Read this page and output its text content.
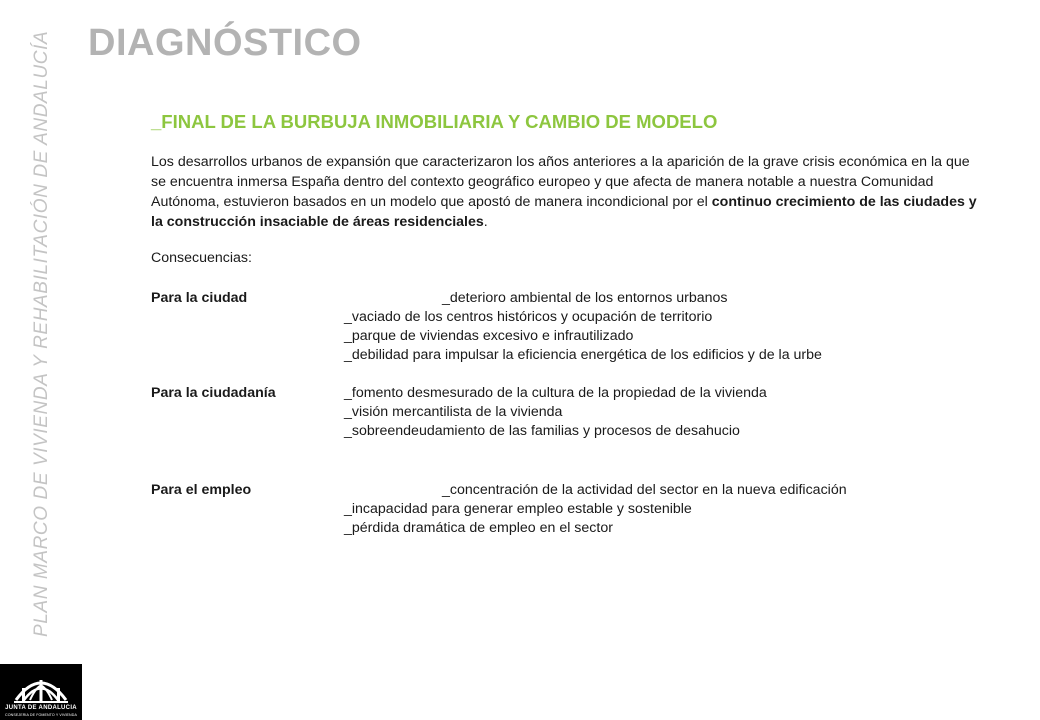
PLAN MARCO DE VIVIENDA Y REHABILITACIÓN DE ANDALUCÍA DIAGNÓSTICO
_FINAL DE LA BURBUJA INMOBILIARIA Y CAMBIO DE MODELO
Los desarrollos urbanos de expansión que caracterizaron los años anteriores a la aparición de la grave crisis económica en la que se encuentra inmersa España dentro del contexto geográfico europeo y que afecta de manera notable a nuestra Comunidad Autónoma, estuvieron basados en un modelo que apostó de manera incondicional por el continuo crecimiento de las ciudades y la construcción insaciable de áreas residenciales.
Consecuencias:
Para la ciudad	_deterioro ambiental de los entornos urbanos
_vaciado de los centros históricos y ocupación de territorio
_parque de viviendas excesivo e infrautilizado
_debilidad para impulsar la eficiencia energética de los edificios y de la urbe
Para la ciudadanía	_fomento desmesurado de la cultura de la propiedad de la vivienda
_visión mercantilista de la vivienda
_sobreendeudamiento de las familias y procesos de desahucio
Para el empleo	_concentración de la actividad del sector en la nueva edificación
_incapacidad para generar empleo estable y sostenible
_pérdida dramática de empleo en el sector
JUNTA DE ANDALUCIA
CONSEJERIA DE FOMENTO Y VIVIENDA
